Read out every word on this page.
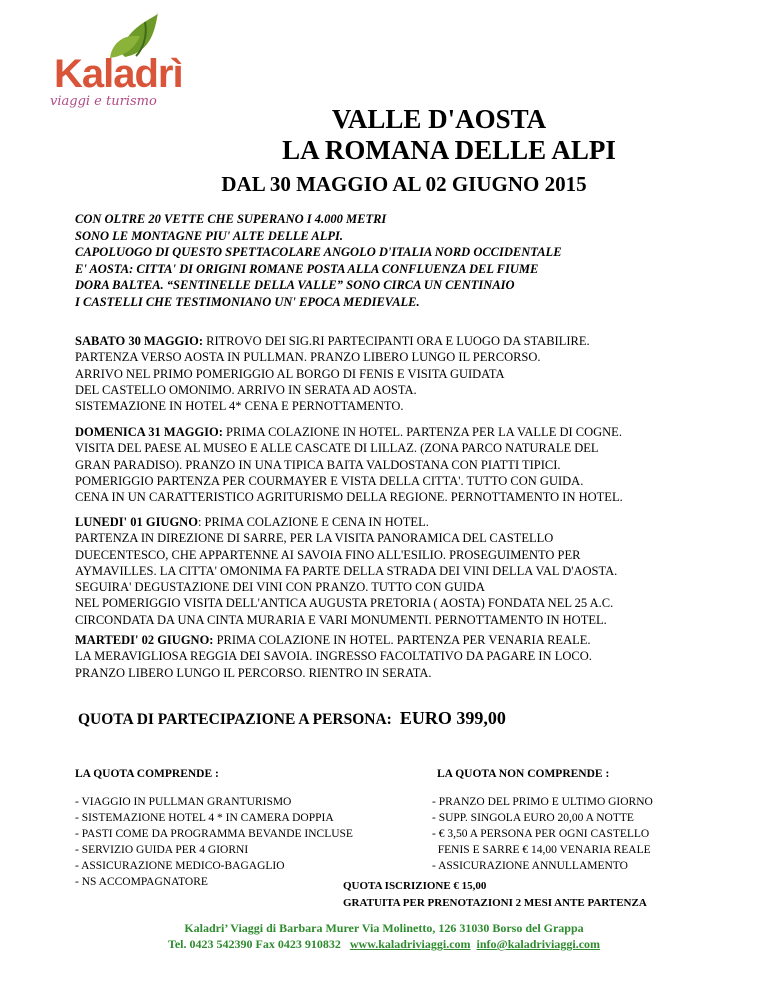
Kaladrì
viaggi e turismo
VALLE D'AOSTA
LA ROMANA DELLE ALPI
DAL 30 MAGGIO AL 02 GIUGNO 2015
CON OLTRE 20 VETTE CHE SUPERANO I 4.000 METRI
SONO LE MONTAGNE PIU' ALTE DELLE ALPI.
CAPOLUOGO DI QUESTO SPETTACOLARE ANGOLO D'ITALIA NORD OCCIDENTALE
E' AOSTA: CITTA' DI ORIGINI ROMANE POSTA ALLA CONFLUENZA DEL FIUME
DORA BALTEA. “SENTINELLE DELLA VALLE” SONO CIRCA UN CENTINAIO
I CASTELLI CHE TESTIMONIANO UN' EPOCA MEDIEVALE.
SABATO 30 MAGGIO: RITROVO DEI SIG.RI PARTECIPANTI ORA E LUOGO DA STABILIRE.
PARTENZA VERSO AOSTA IN PULLMAN. PRANZO LIBERO LUNGO IL PERCORSO.
ARRIVO NEL PRIMO POMERIGGIO AL BORGO DI FENIS E VISITA GUIDATA
DEL CASTELLO OMONIMO. ARRIVO IN SERATA AD AOSTA.
SISTEMAZIONE IN HOTEL 4* CENA E PERNOTTAMENTO.
DOMENICA 31 MAGGIO: PRIMA COLAZIONE IN HOTEL. PARTENZA PER LA VALLE DI COGNE.
VISITA DEL PAESE AL MUSEO E ALLE CASCATE DI LILLAZ. (ZONA PARCO NATURALE DEL
GRAN PARADISO). PRANZO IN UNA TIPICA BAITA VALDOSTANA CON PIATTI TIPICI.
POMERIGGIO PARTENZA PER COURMAYER E VISTA DELLA CITTA'. TUTTO CON GUIDA.
CENA IN UN CARATTERISTICO AGRITURISMO DELLA REGIONE. PERNOTTAMENTO IN HOTEL.
LUNEDI' 01 GIUGNO: PRIMA COLAZIONE E CENA IN HOTEL.
PARTENZA IN DIREZIONE DI SARRE, PER LA VISITA PANORAMICA DEL CASTELLO
DUECENTESCO, CHE APPARTENNE AI SAVOIA FINO ALL'ESILIO. PROSEGUIMENTO PER
AYMAVILLES. LA CITTA' OMONIMA FA PARTE DELLA STRADA DEI VINI DELLA VAL D'AOSTA.
SEGUIRA' DEGUSTAZIONE DEI VINI CON PRANZO. TUTTO CON GUIDA
NEL POMERIGGIO VISITA DELL'ANTICA AUGUSTA PRETORIA ( AOSTA) FONDATA NEL 25 A.C.
CIRCONDATA DA UNA CINTA MURARIA E VARI MONUMENTI. PERNOTTAMENTO IN HOTEL.
MARTEDI' 02 GIUGNO: PRIMA COLAZIONE IN HOTEL. PARTENZA PER VENARIA REALE.
LA MERAVIGLIOSA REGGIA DEI SAVOIA. INGRESSO FACOLTATIVO DA PAGARE IN LOCO.
PRANZO LIBERO LUNGO IL PERCORSO. RIENTRO IN SERATA.
QUOTA DI PARTECIPAZIONE A PERSONA: EURO 399,00
LA QUOTA COMPRENDE :	LA QUOTA NON COMPRENDE :
- VIAGGIO IN PULLMAN GRANTURISMO
- SISTEMAZIONE HOTEL 4 * IN CAMERA DOPPIA
- PASTI COME DA PROGRAMMA BEVANDE INCLUSE
- SERVIZIO GUIDA PER 4 GIORNI
- ASSICURAZIONE MEDICO-BAGAGLIO
- NS ACCOMPAGNATORE
- PRANZO DEL PRIMO E ULTIMO GIORNO
- SUPP. SINGOLA EURO 20,00 A NOTTE
- € 3,50 A PERSONA PER OGNI CASTELLO
FENIS E SARRE € 14,00 VENARIA REALE
- ASSICURAZIONE ANNULLAMENTO
QUOTA ISCRIZIONE € 15,00
GRATUITA PER PRENOTAZIONI 2 MESI ANTE PARTENZA
Kaladri’ Viaggi di Barbara Murer Via Molinetto, 126 31030 Borso del Grappa
Tel. 0423 542390 Fax 0423 910832 www.kaladriviaggi.com info@kaladriviaggi.com
